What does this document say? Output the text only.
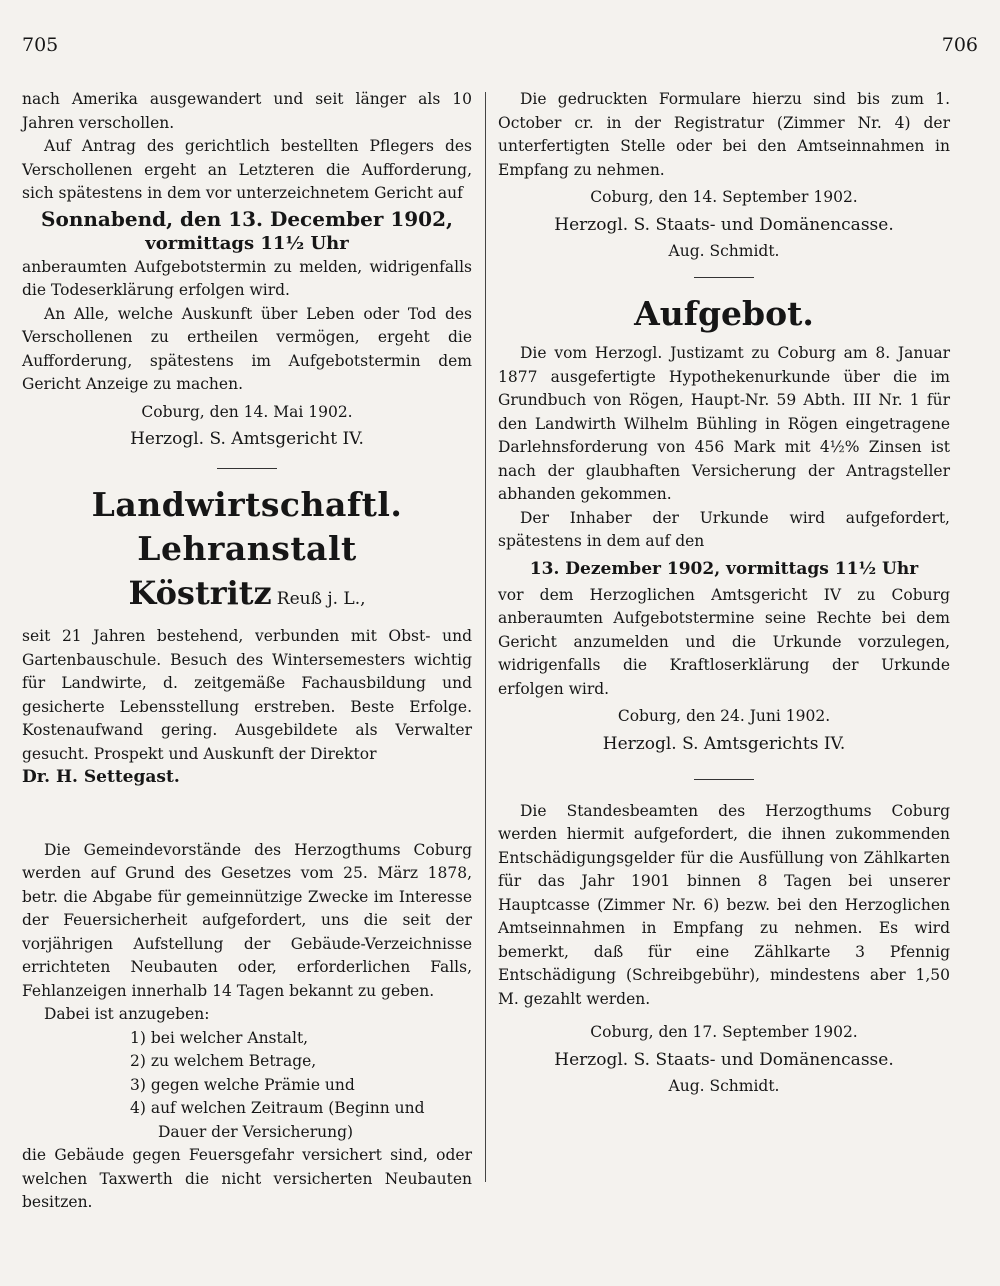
705	706

nach Amerika ausgewandert und seit länger als 10 Jahren verschollen.

Auf Antrag des gerichtlich bestellten Pflegers des Verschollenen ergeht an Letzteren die Aufforderung, sich spätestens in dem vor unterzeichnetem Gericht auf

Sonnabend, den 13. December 1902,

vormittags 11½ Uhr

anberaumten Aufgebotstermin zu melden, widrigenfalls die Todeserklärung erfolgen wird.

An Alle, welche Auskunft über Leben oder Tod des Verschollenen zu ertheilen vermögen, ergeht die Aufforderung, spätestens im Aufgebotstermin dem Gericht Anzeige zu machen.

Coburg, den 14. Mai 1902.

Herzogl. S. Amtsgericht IV.

Landwirtschaftl. Lehranstalt
Köstritz Reuß j. L.,

seit 21 Jahren bestehend, verbunden mit Obst- und Gartenbauschule. Besuch des Wintersemesters wichtig für Landwirte, d. zeitgemäße Fachausbildung und gesicherte Lebensstellung erstreben. Beste Erfolge. Kostenaufwand gering. Ausgebildete als Verwalter gesucht. Prospekt und Auskunft der Direktor

Dr. H. Settegast.

Die Gemeindevorstände des Herzogthums Coburg werden auf Grund des Gesetzes vom 25. März 1878, betr. die Abgabe für gemeinnützige Zwecke im Interesse der Feuersicherheit aufgefordert, uns die seit der vorjährigen Aufstellung der Gebäude-Verzeichnisse errichteten Neubauten oder, erforderlichen Falls, Fehlanzeigen innerhalb 14 Tagen bekannt zu geben.

Dabei ist anzugeben:

1) bei welcher Anstalt,

2) zu welchem Betrage,

3) gegen welche Prämie und

4) auf welchen Zeitraum (Beginn und

Dauer der Versicherung)

die Gebäude gegen Feuersgefahr versichert sind, oder welchen Taxwerth die nicht versicherten Neubauten besitzen.

Die gedruckten Formulare hierzu sind bis zum 1. October cr. in der Registratur (Zimmer Nr. 4) der unterfertigten Stelle oder bei den Amtseinnahmen in Empfang zu nehmen.

Coburg, den 14. September 1902.

Herzogl. S. Staats- und Domänencasse.

Aug. Schmidt.

Aufgebot.

Die vom Herzogl. Justizamt zu Coburg am 8. Januar 1877 ausgefertigte Hypothekenurkunde über die im Grundbuch von Rögen, Haupt-Nr. 59 Abth. III Nr. 1 für den Landwirth Wilhelm Bühling in Rögen eingetragene Darlehnsforderung von 456 Mark mit 4½% Zinsen ist nach der glaubhaften Versicherung der Antragsteller abhanden gekommen.

Der Inhaber der Urkunde wird aufgefordert, spätestens in dem auf den

13. Dezember 1902, vormittags 11½ Uhr

vor dem Herzoglichen Amtsgericht IV zu Coburg anberaumten Aufgebotstermine seine Rechte bei dem Gericht anzumelden und die Urkunde vorzulegen, widrigenfalls die Kraftloserklärung der Urkunde erfolgen wird.

Coburg, den 24. Juni 1902.

Herzogl. S. Amtsgerichts IV.

Die Standesbeamten des Herzogthums Coburg werden hiermit aufgefordert, die ihnen zukommenden Entschädigungsgelder für die Ausfüllung von Zählkarten für das Jahr 1901 binnen 8 Tagen bei unserer Hauptcasse (Zimmer Nr. 6) bezw. bei den Herzoglichen Amtseinnahmen in Empfang zu nehmen. Es wird bemerkt, daß für eine Zählkarte 3 Pfennig Entschädigung (Schreibgebühr), mindestens aber 1,50 M. gezahlt werden.

Coburg, den 17. September 1902.

Herzogl. S. Staats- und Domänencasse.

Aug. Schmidt.
